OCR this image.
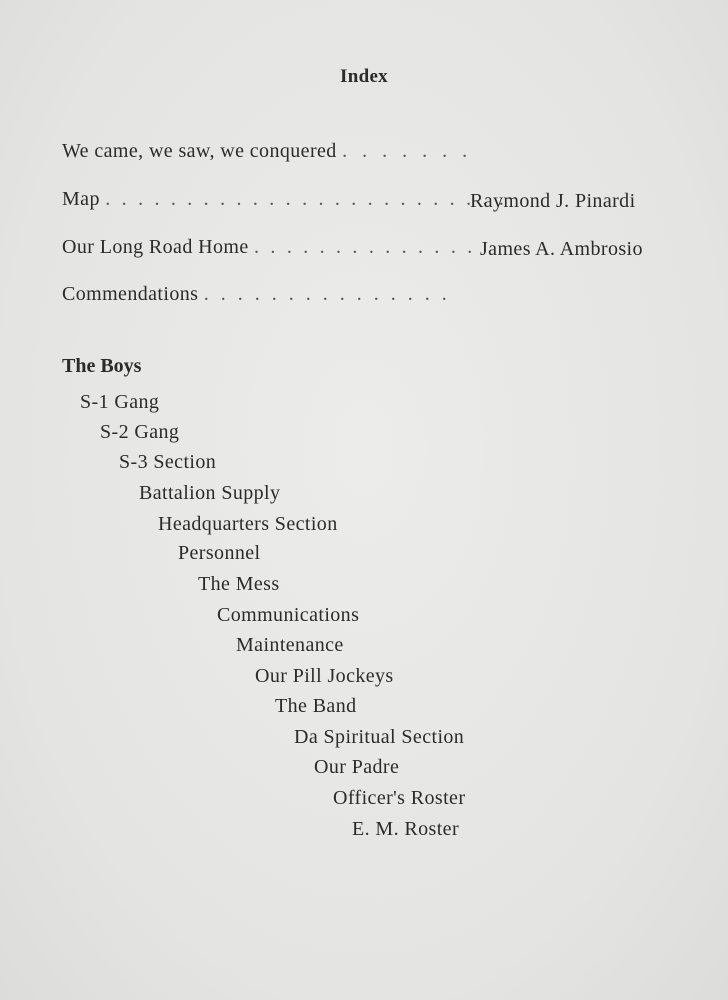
Index
We came, we saw, we conquered . . . . . . .
Map . . . . . . . . . . . . . . . . . . . . . . . . .
Raymond J. Pinardi
Our Long Road Home . . . . . . . . . . . . . . James A. Ambrosio
Commendations . . . . . . . . . . . . . . .
The Boys
S-1 Gang
S-2 Gang
S-3 Section
Battalion Supply
Headquarters Section
Personnel
The Mess
Communications
Maintenance
Our Pill Jockeys
The Band
Da Spiritual Section
Our Padre
Officer's Roster
E. M. Roster
